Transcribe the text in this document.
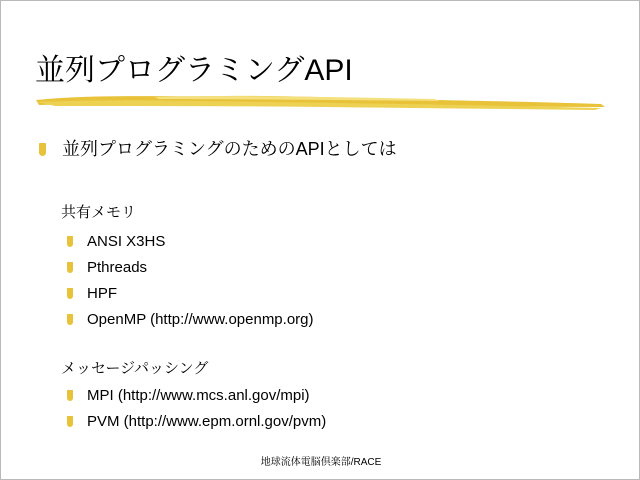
並列プログラミングAPI
並列プログラミングのためのAPIとしては
共有メモリ
ANSI X3HS
Pthreads
HPF
OpenMP (http://www.openmp.org)
メッセージパッシング
MPI (http://www.mcs.anl.gov/mpi)
PVM (http://www.epm.ornl.gov/pvm)
地球流体電脳倶楽部/RACE
